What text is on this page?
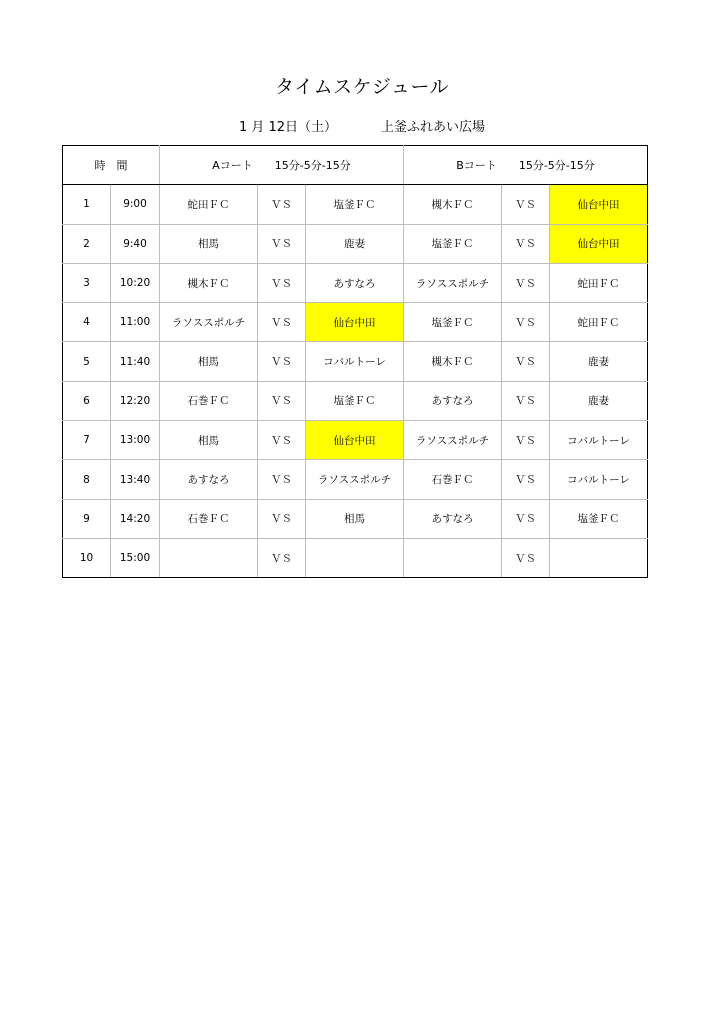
タイムスケジュール
1 月 12日（土）	上釜ふれあい広場
時　間		Aコート 15分-5分-15分			Bコート 15分-5分-15分		
1	9:00	蛇田ＦＣ	ＶＳ	塩釜ＦＣ	槻木ＦＣ	ＶＳ	仙台中田
2	9:40	相馬	ＶＳ	鹿妻	塩釜ＦＣ	ＶＳ	仙台中田
3	10:20	槻木ＦＣ	ＶＳ	あすなろ	ラソススポルチ	ＶＳ	蛇田ＦＣ
4	11:00	ラソススポルチ	ＶＳ	仙台中田	塩釜ＦＣ	ＶＳ	蛇田ＦＣ
5	11:40	相馬	ＶＳ	コバルトーレ	槻木ＦＣ	ＶＳ	鹿妻
6	12:20	石巻ＦＣ	ＶＳ	塩釜ＦＣ	あすなろ	ＶＳ	鹿妻
7	13:00	相馬	ＶＳ	仙台中田	ラソススポルチ	ＶＳ	コバルトーレ
8	13:40	あすなろ	ＶＳ	ラソススポルチ	石巻ＦＣ	ＶＳ	コバルトーレ
9	14:20	石巻ＦＣ	ＶＳ	相馬	あすなろ	ＶＳ	塩釜ＦＣ
10	15:00		ＶＳ			ＶＳ	
